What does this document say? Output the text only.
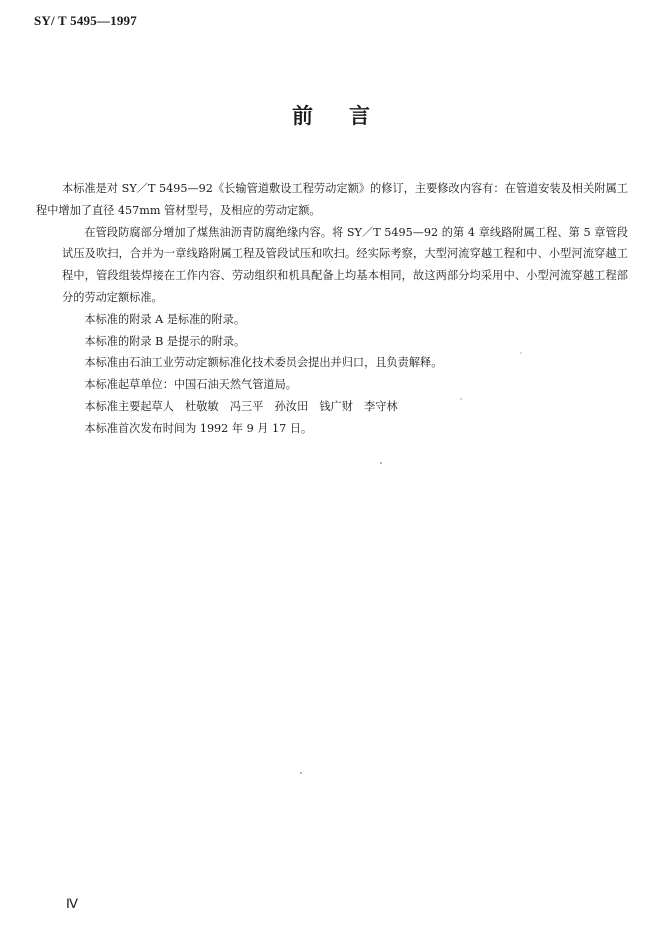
SY/ T 5495—1997
前 言

本标准是对 SY／T 5495—92《长输管道敷设工程劳动定额》的修订，主要修改内容有：在管道安装及相关附属工程中增加了直径 457mm 管材型号，及相应的劳动定额。

在管段防腐部分增加了煤焦油沥青防腐绝缘内容。将 SY／T 5495—92 的第 4 章线路附属工程、第 5 章管段试压及吹扫，合并为一章线路附属工程及管段试压和吹扫。经实际考察，大型河流穿越工程和中、小型河流穿越工程中，管段组装焊接在工作内容、劳动组织和机具配备上均基本相同，故这两部分均采用中、小型河流穿越工程部分的劳动定额标准。

本标准的附录 A 是标准的附录。

本标准的附录 B 是提示的附录。

本标准由石油工业劳动定额标准化技术委员会提出并归口，且负责解释。

本标准起草单位：中国石油天然气管道局。

本标准主要起草人　杜敬敏　冯三平　孙汝田　钱广财　李守林

本标准首次发布时间为 1992 年 9 月 17 日。

Ⅳ
